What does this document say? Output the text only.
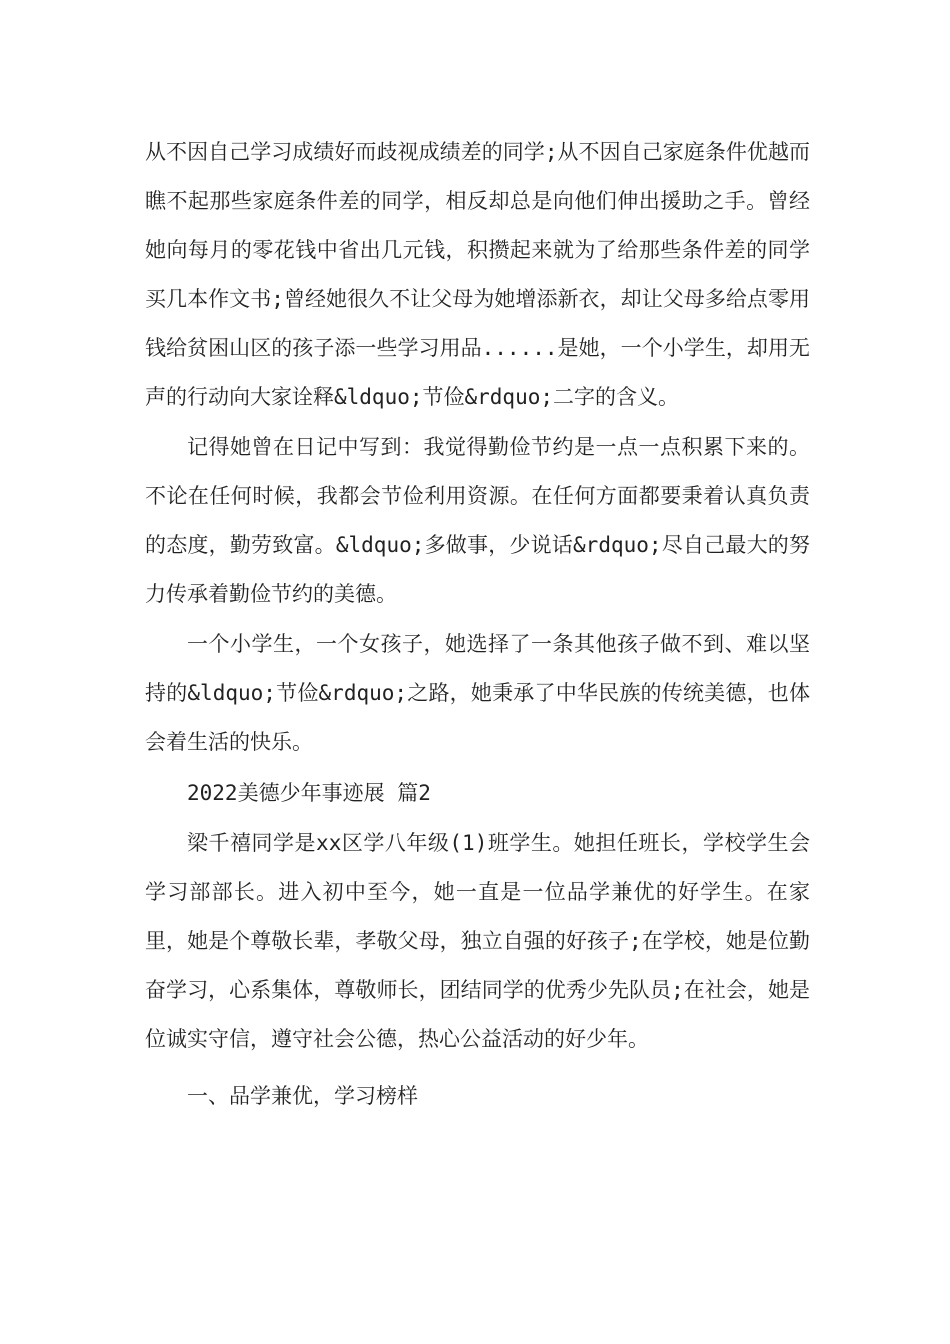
从不因自己学习成绩好而歧视成绩差的同学;从不因自己家庭条件优越而瞧不起那些家庭条件差的同学，相反却总是向他们伸出援助之手。曾经她向每月的零花钱中省出几元钱，积攒起来就为了给那些条件差的同学买几本作文书;曾经她很久不让父母为她增添新衣，却让父母多给点零用钱给贫困山区的孩子添一些学习用品......是她，一个小学生，却用无声的行动向大家诠释&ldquo;节俭&rdquo;二字的含义。

记得她曾在日记中写到：我觉得勤俭节约是一点一点积累下来的。不论在任何时候，我都会节俭利用资源。在任何方面都要秉着认真负责的态度，勤劳致富。&ldquo;多做事，少说话&rdquo;尽自己最大的努力传承着勤俭节约的美德。

一个小学生，一个女孩子，她选择了一条其他孩子做不到、难以坚持的&ldquo;节俭&rdquo;之路，她秉承了中华民族的传统美德，也体会着生活的快乐。

2022美德少年事迹展 篇2

梁千禧同学是xx区学八年级(1)班学生。她担任班长，学校学生会学习部部长。进入初中至今，她一直是一位品学兼优的好学生。在家里，她是个尊敬长辈，孝敬父母，独立自强的好孩子;在学校，她是位勤奋学习，心系集体，尊敬师长，团结同学的优秀少先队员;在社会，她是位诚实守信，遵守社会公德，热心公益活动的好少年。

一、品学兼优，学习榜样
